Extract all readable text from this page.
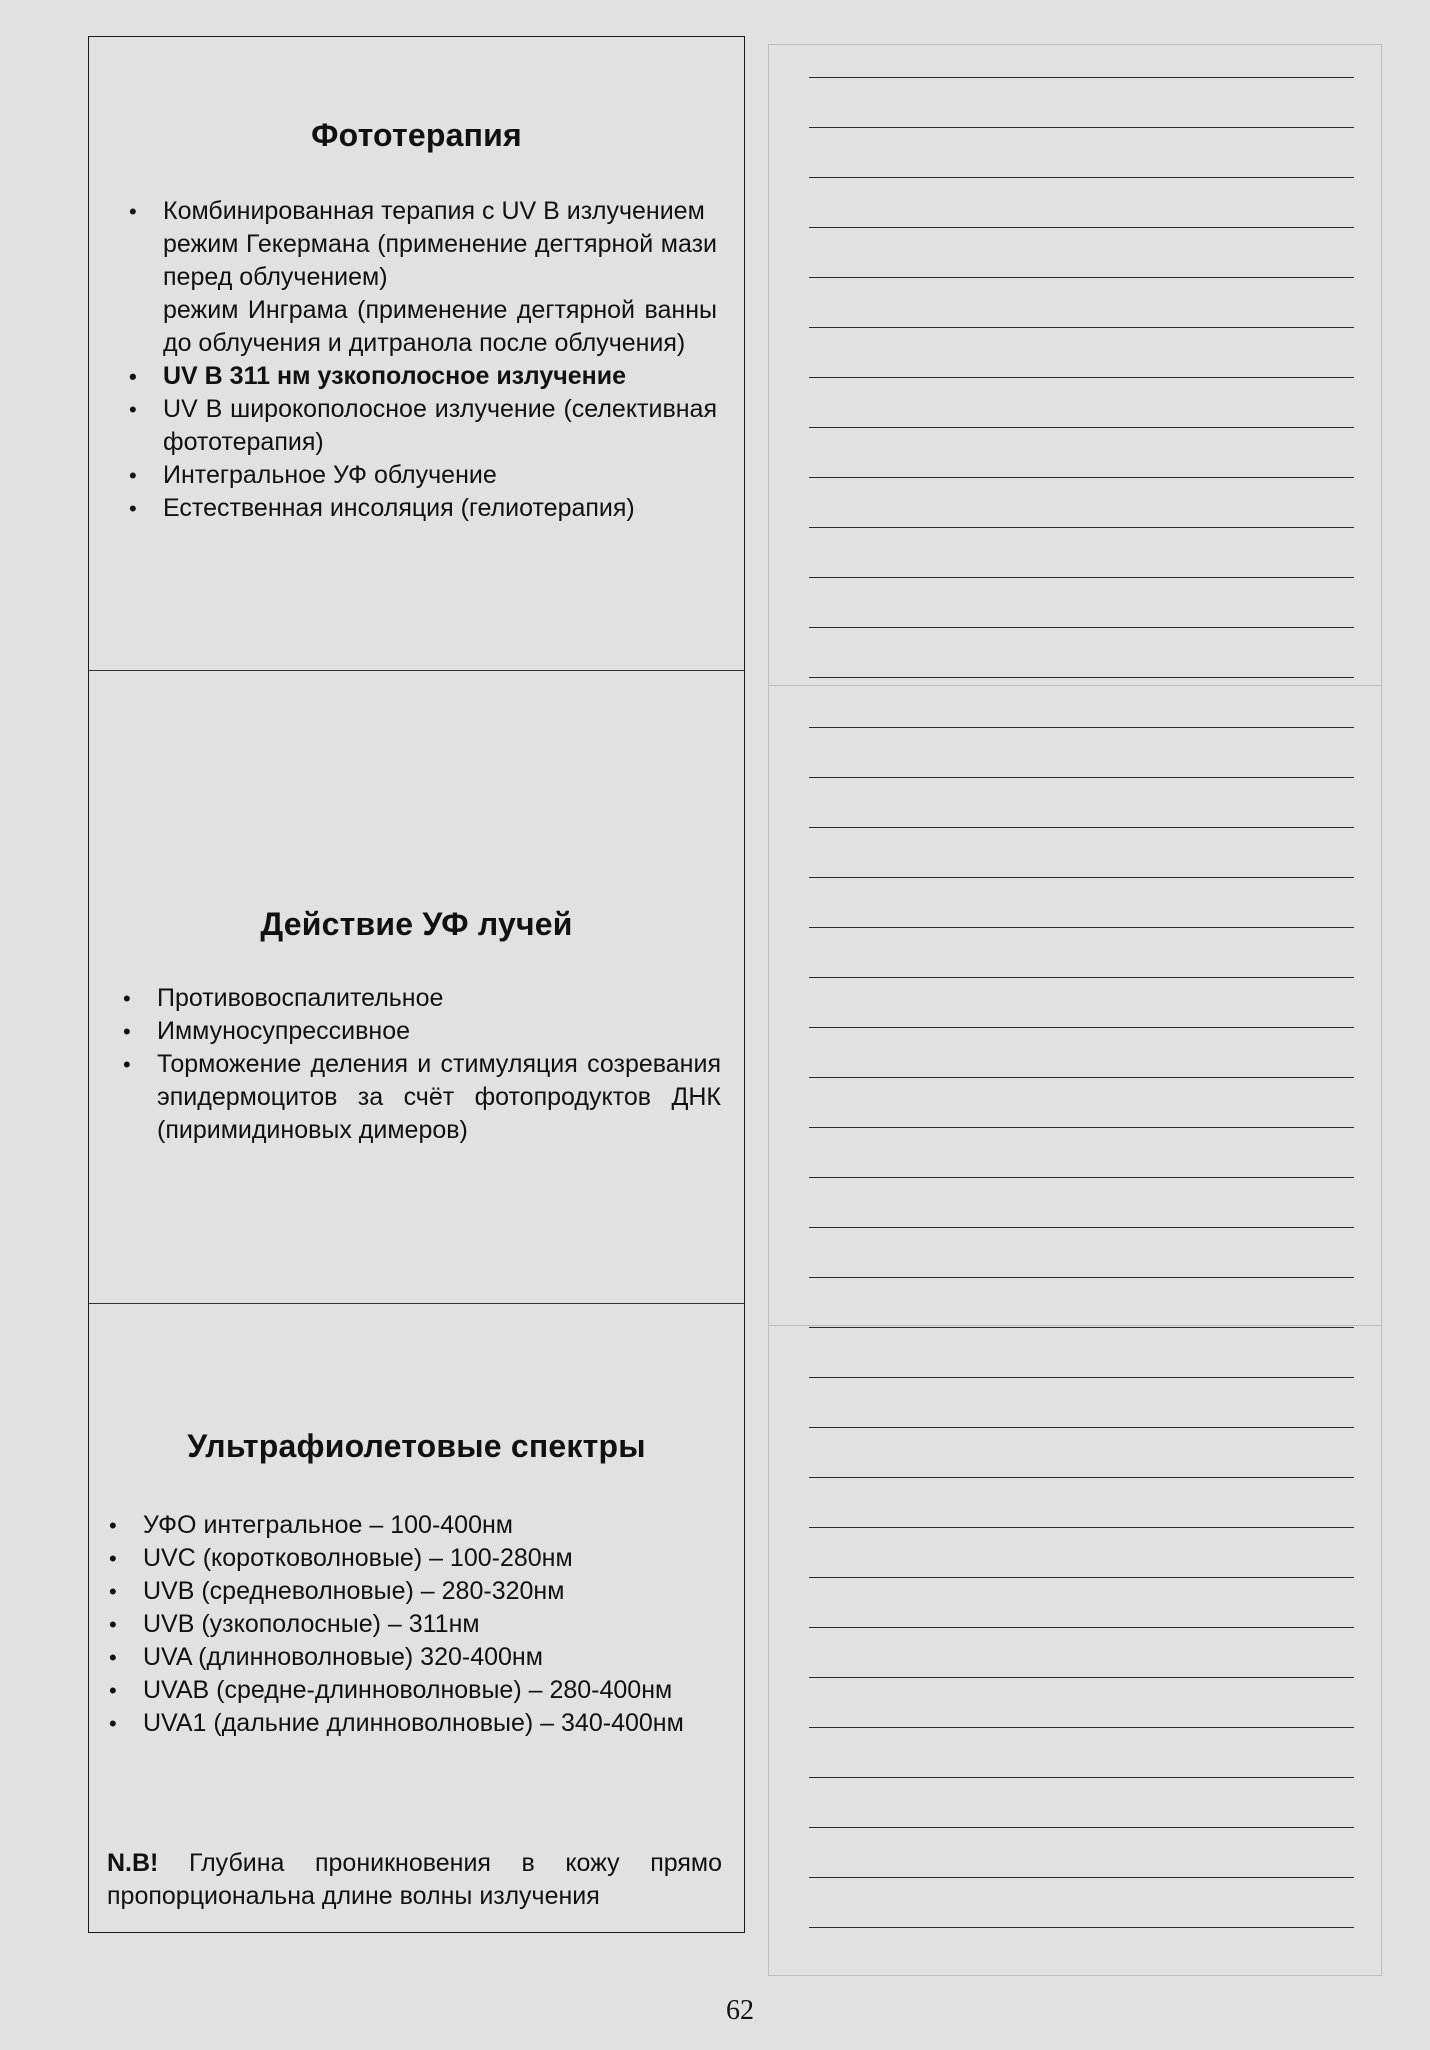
Фототерапия
• Комбинированная терапия с UV B излучением
режим Гекермана (применение дегтярной мази перед облучением)
режим Инграма (применение дегтярной ванны до облучения и дитранола после облучения)
• UV B 311 нм узкополосное излучение
• UV B широкополосное излучение (селективная фототерапия)
• Интегральное УФ облучение
• Естественная инсоляция (гелиотерапия)
Действие УФ лучей
• Противовоспалительное
• Иммуносупрессивное
• Торможение деления и стимуляция созревания эпидермоцитов за счёт фотопродуктов ДНК (пиримидиновых димеров)
Ультрафиолетовые спектры
• УФО интегральное – 100-400нм
• UVC (коротковолновые) – 100-280нм
• UVB (средневолновые) – 280-320нм
• UVB (узкополосные) – 311нм
• UVA (длинноволновые) 320-400нм
• UVAB (средне-длинноволновые) – 280-400нм
• UVA1 (дальние длинноволновые) – 340-400нм
N.B! Глубина проникновения в кожу прямо пропорциональна длине волны излучения
62
